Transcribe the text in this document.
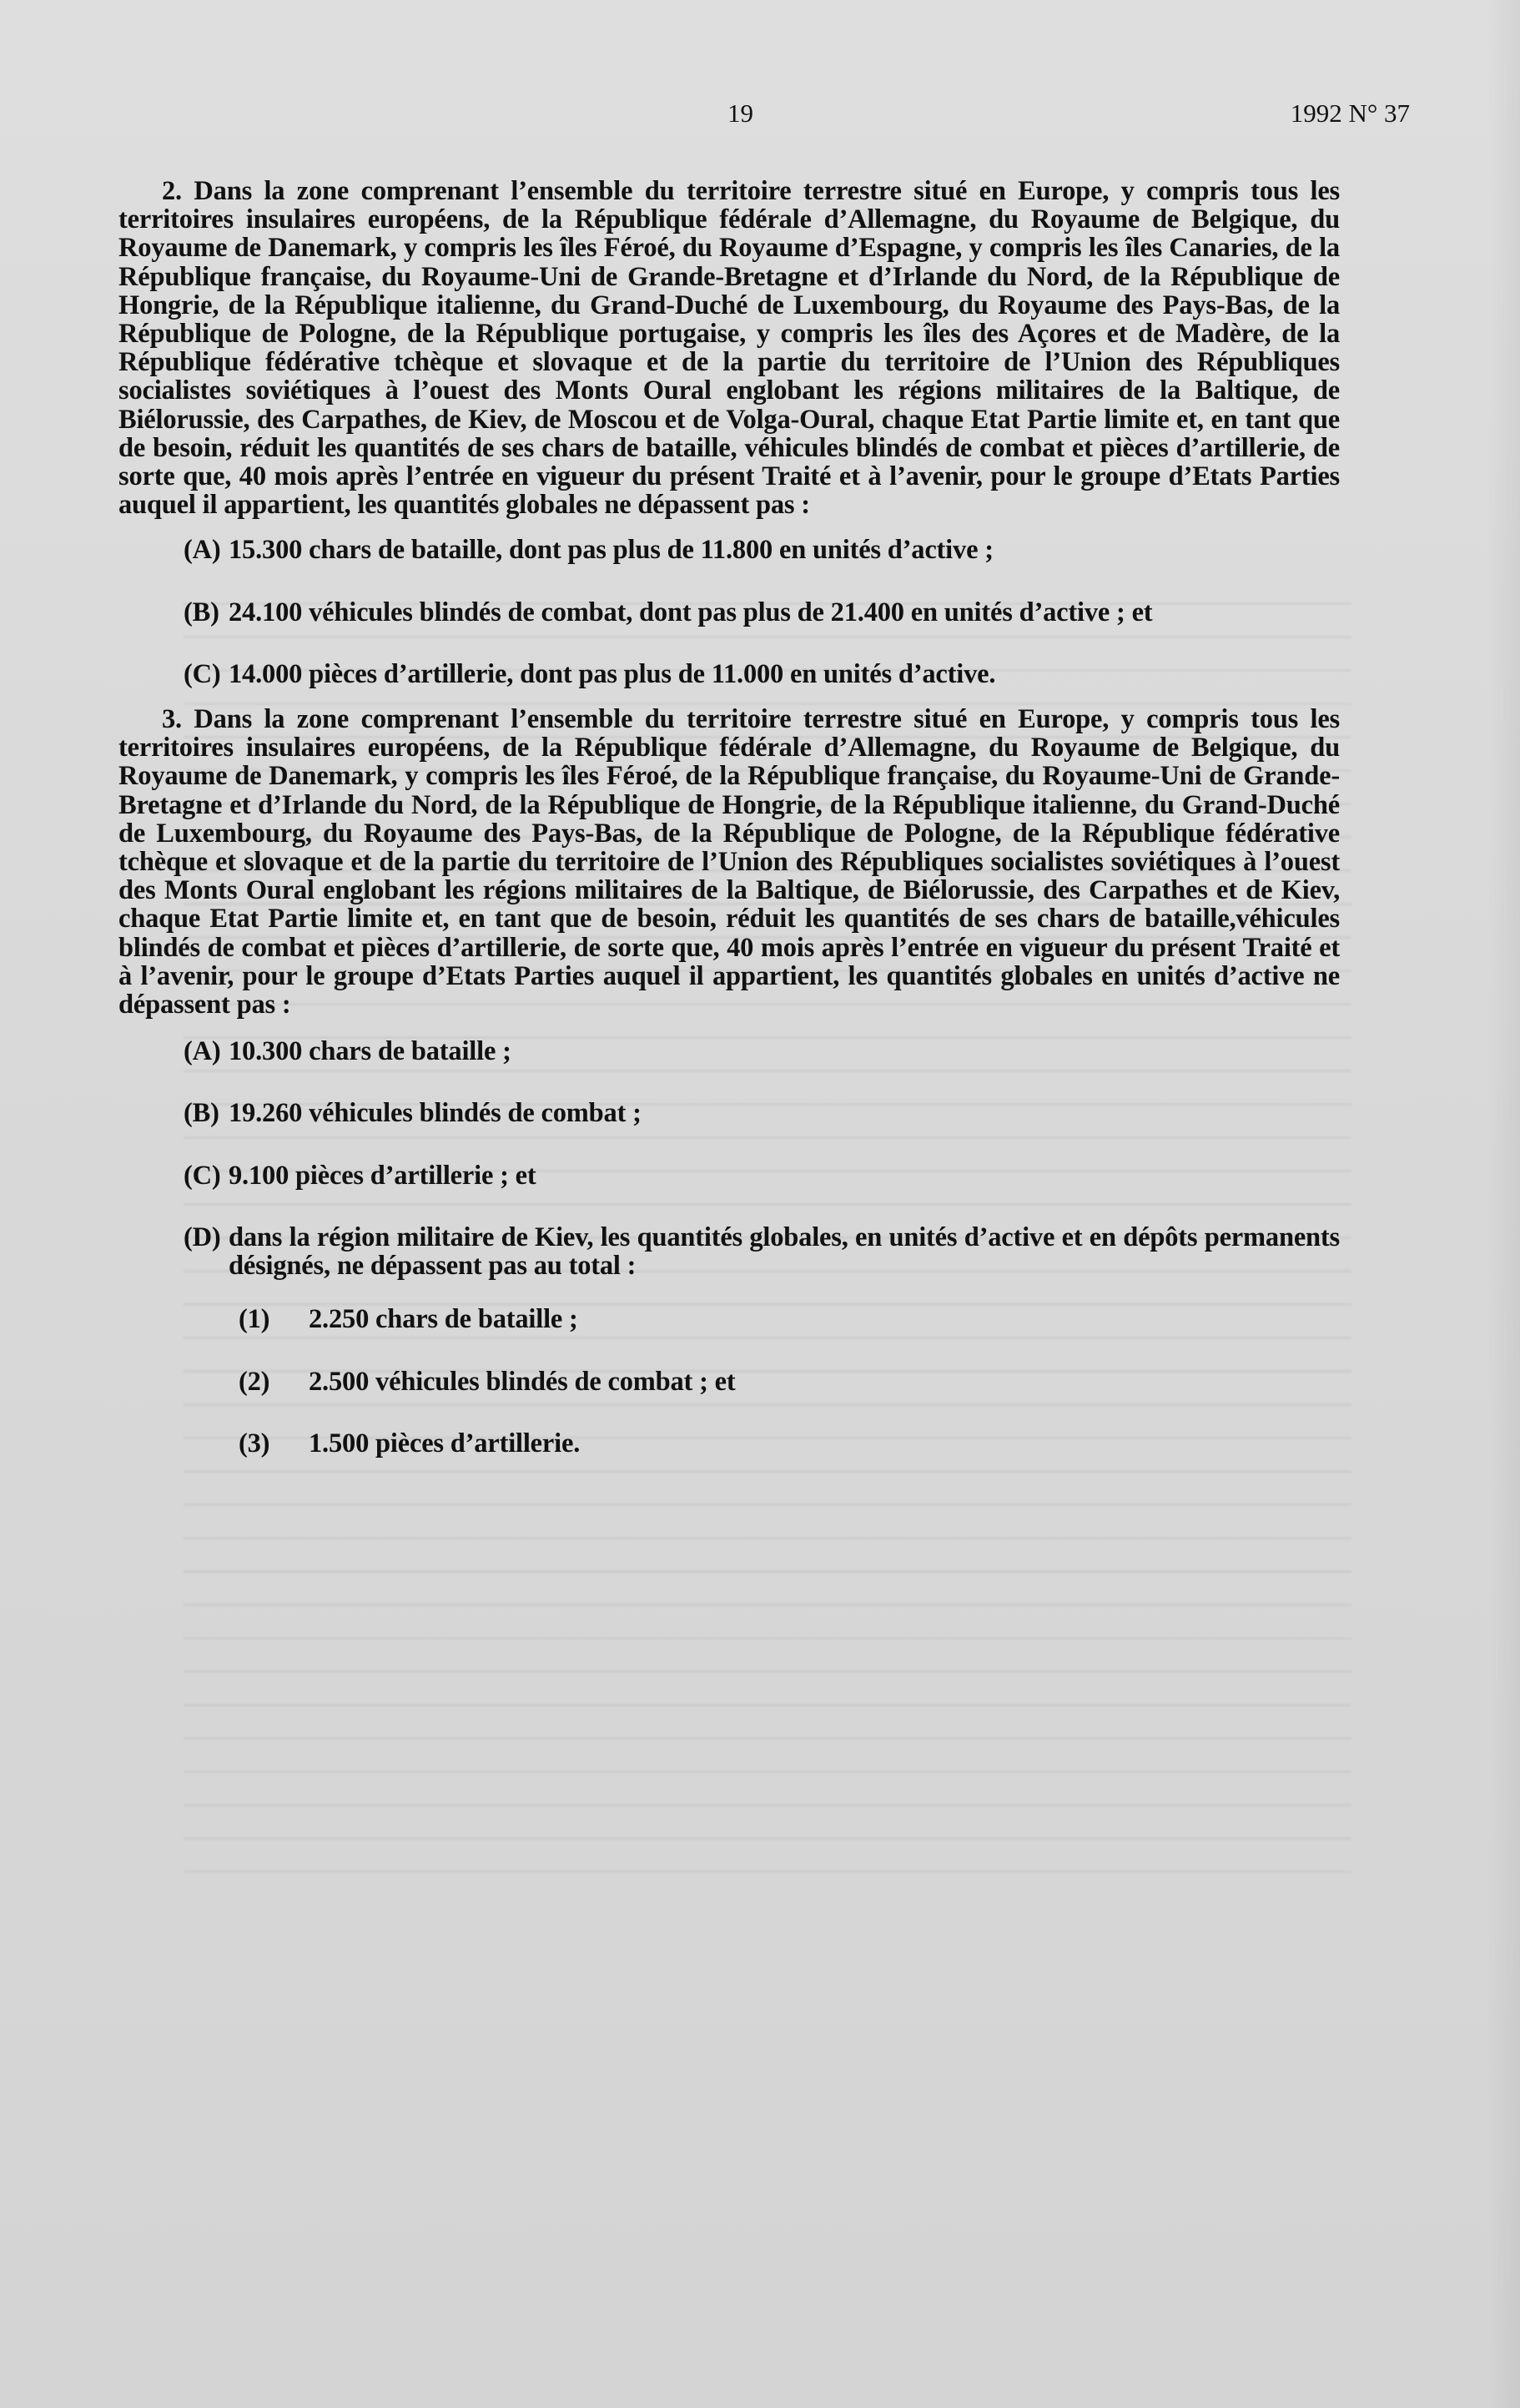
19	1992 N° 37

2. Dans la zone comprenant l’ensemble du territoire terrestre situé en Europe, y compris tous les territoires insulaires européens, de la République fédérale d’Allemagne, du Royaume de Belgique, du Royaume de Danemark, y compris les îles Féroé, du Royaume d’Espagne, y compris les îles Canaries, de la République française, du Royaume-Uni de Grande-Bretagne et d’Irlande du Nord, de la République de Hongrie, de la République italienne, du Grand-Duché de Luxembourg, du Royaume des Pays-Bas, de la République de Pologne, de la République portugaise, y compris les îles des Açores et de Madère, de la République fédérative tchèque et slovaque et de la partie du territoire de l’Union des Républiques socialistes soviétiques à l’ouest des Monts Oural englobant les régions militaires de la Baltique, de Biélorussie, des Carpathes, de Kiev, de Moscou et de Volga-Oural, chaque Etat Partie limite et, en tant que de besoin, réduit les quantités de ses chars de bataille, véhicules blindés de combat et pièces d’artillerie, de sorte que, 40 mois après l’entrée en vigueur du présent Traité et à l’avenir, pour le groupe d’Etats Parties auquel il appartient, les quantités globales ne dépassent pas :

(A) 15.300 chars de bataille, dont pas plus de 11.800 en unités d’active ;
(B) 24.100 véhicules blindés de combat, dont pas plus de 21.400 en unités d’active ; et
(C) 14.000 pièces d’artillerie, dont pas plus de 11.000 en unités d’active.

3. Dans la zone comprenant l’ensemble du territoire terrestre situé en Europe, y compris tous les territoires insulaires européens, de la République fédérale d’Allemagne, du Royaume de Belgique, du Royaume de Danemark, y compris les îles Féroé, de la République française, du Royaume-Uni de Grande-Bretagne et d’Irlande du Nord, de la République de Hongrie, de la République italienne, du Grand-Duché de Luxembourg, du Royaume des Pays-Bas, de la République de Pologne, de la République fédérative tchèque et slovaque et de la partie du territoire de l’Union des Républiques socialistes soviétiques à l’ouest des Monts Oural englobant les régions militaires de la Baltique, de Biélorussie, des Carpathes et de Kiev, chaque Etat Partie limite et, en tant que de besoin, réduit les quantités de ses chars de bataille,véhicules blindés de combat et pièces d’artillerie, de sorte que, 40 mois après l’entrée en vigueur du présent Traité et à l’avenir, pour le groupe d’Etats Parties auquel il appartient, les quantités globales en unités d’active ne dépassent pas :

(A) 10.300 chars de bataille ;
(B) 19.260 véhicules blindés de combat ;
(C) 9.100 pièces d’artillerie ; et
(D) dans la région militaire de Kiev, les quantités globales, en unités d’active et en dépôts permanents désignés, ne dépassent pas au total :
(1)	2.250 chars de bataille ;
(2)	2.500 véhicules blindés de combat ; et
(3)	1.500 pièces d’artillerie.
